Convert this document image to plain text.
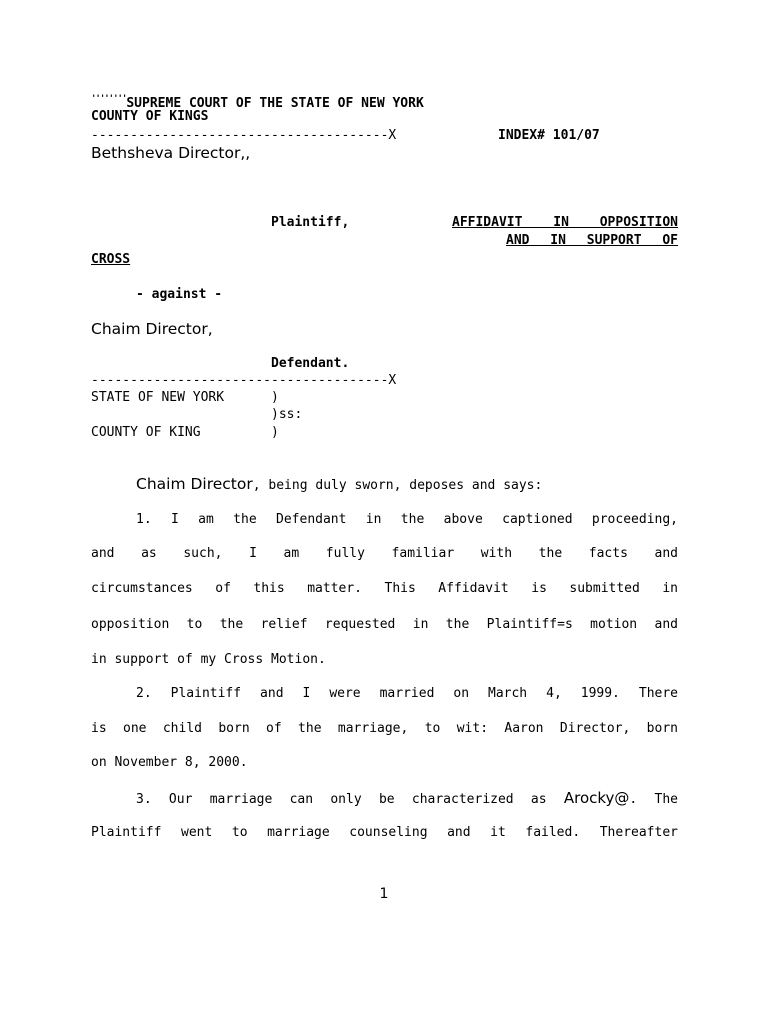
''''''''SUPREME COURT OF THE STATE OF NEW YORK
COUNTY OF KINGS
--------------------------------------X	INDEX# 101/07
Bethsheva Director,,
Plaintiff,	AFFIDAVIT IN OPPOSITION
AND IN SUPPORT OF
CROSS
- against -
Chaim Director,
Defendant.
--------------------------------------X
STATE OF NEW YORK	)
)ss:
COUNTY OF KING	)
Chaim Director, being duly sworn, deposes and says:
1. I am the Defendant in the above captioned proceeding,
and as such, I am fully familiar with the facts and
circumstances of this matter. This Affidavit is submitted in
opposition to the relief requested in the Plaintiff=s motion and
in support of my Cross Motion.
2. Plaintiff and I were married on March 4, 1999. There
is one child born of the marriage, to wit: Aaron Director, born
on November 8, 2000.
3. Our marriage can only be characterized as Arocky@. The
Plaintiff went to marriage counseling and it failed. Thereafter
1
